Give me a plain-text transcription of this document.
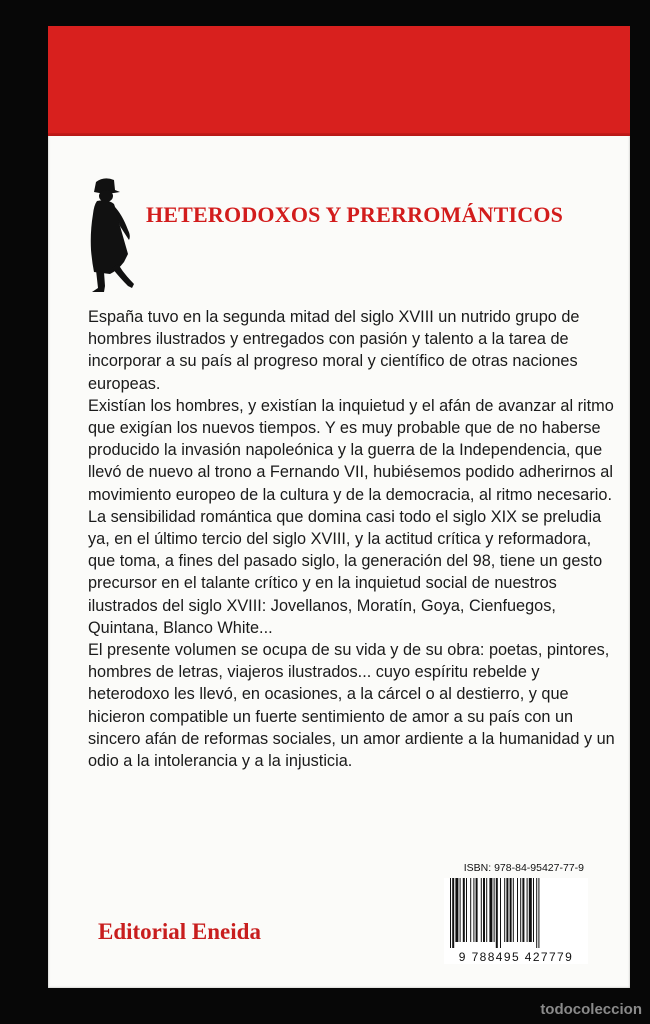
HETERODOXOS Y PRERROMÁNTICOS

España tuvo en la segunda mitad del siglo XVIII un nutrido grupo de hombres ilustrados y entregados con pasión y talento a la tarea de incorporar a su país al progreso moral y científico de otras naciones europeas.

Existían los hombres, y existían la inquietud y el afán de avanzar al ritmo que exigían los nuevos tiempos. Y es muy probable que de no haberse producido la invasión napoleónica y la guerra de la Independencia, que llevó de nuevo al trono a Fernando VII, hubiésemos podido adherirnos al movimiento europeo de la cultura y de la democracia, al ritmo necesario.

La sensibilidad romántica que domina casi todo el siglo XIX se preludia ya, en el último tercio del siglo XVIII, y la actitud crítica y reformadora, que toma, a fines del pasado siglo, la generación del 98, tiene un gesto precursor en el talante crítico y en la inquietud social de nuestros ilustrados del siglo XVIII: Jovellanos, Moratín, Goya, Cienfuegos, Quintana, Blanco White...

El presente volumen se ocupa de su vida y de su obra: poetas, pintores, hombres de letras, viajeros ilustrados... cuyo espíritu rebelde y heterodoxo les llevó, en ocasiones, a la cárcel o al destierro, y que hicieron compatible un fuerte sentimiento de amor a su país con un sincero afán de reformas sociales, un amor ardiente a la humanidad y un odio a la intolerancia y a la injusticia.

Editorial Eneida
ISBN: 978-84-95427-77-9
9 788495 427779
todocoleccion
